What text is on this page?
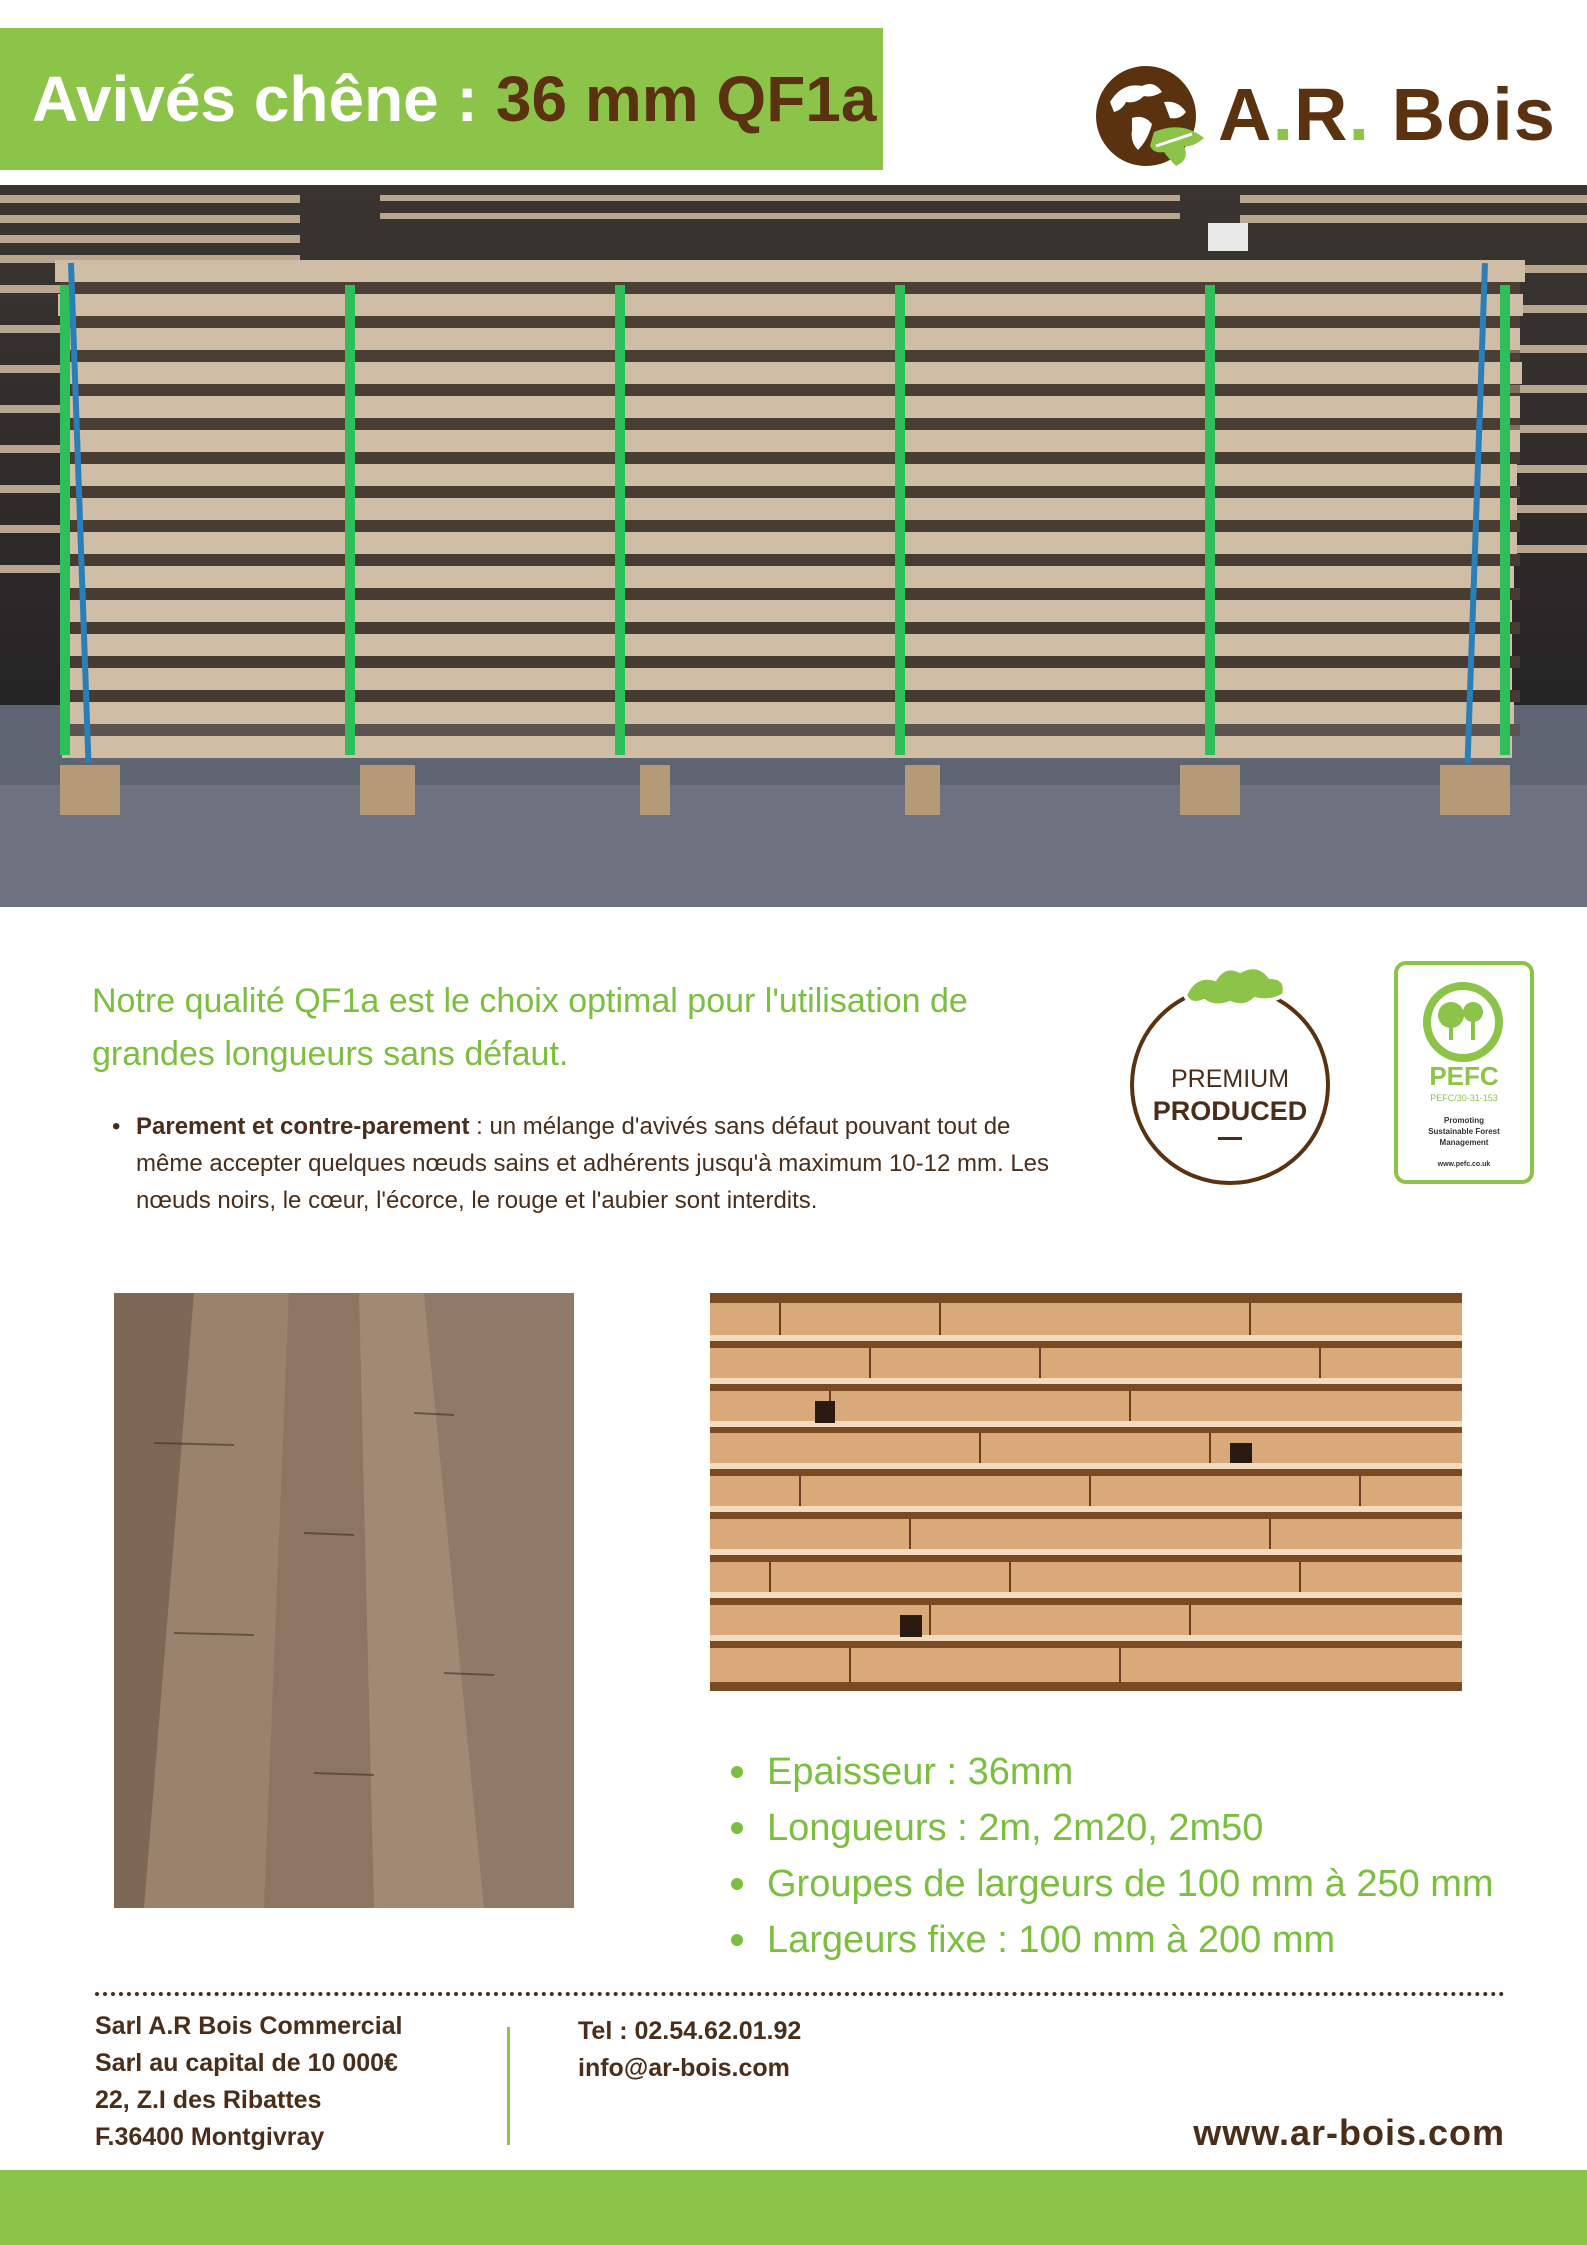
Avivés chêne : 36 mm QF1a	A.R. Bois
Notre qualité QF1a est le choix optimal pour l'utilisation de grandes longueurs sans défaut.
• Parement et contre-parement : un mélange d'avivés sans défaut pouvant tout de même accepter quelques nœuds sains et adhérents jusqu'à maximum 10-12 mm. Les nœuds noirs, le cœur, l'écorce, le rouge et l'aubier sont interdits.
PREMIUM
PRODUCED
PEFC
PEFC/30-31-153
Promoting
Sustainable Forest
Management
www.pefc.co.uk
Epaisseur : 36mm
Longueurs : 2m, 2m20, 2m50
Groupes de largeurs de 100 mm à 250 mm
Largeurs fixe : 100 mm à 200 mm
Sarl A.R Bois Commercial
Sarl au capital de 10 000€
22, Z.I des Ribattes
F.36400 Montgivray
Tel : 02.54.62.01.92
info@ar-bois.com
www.ar-bois.com
